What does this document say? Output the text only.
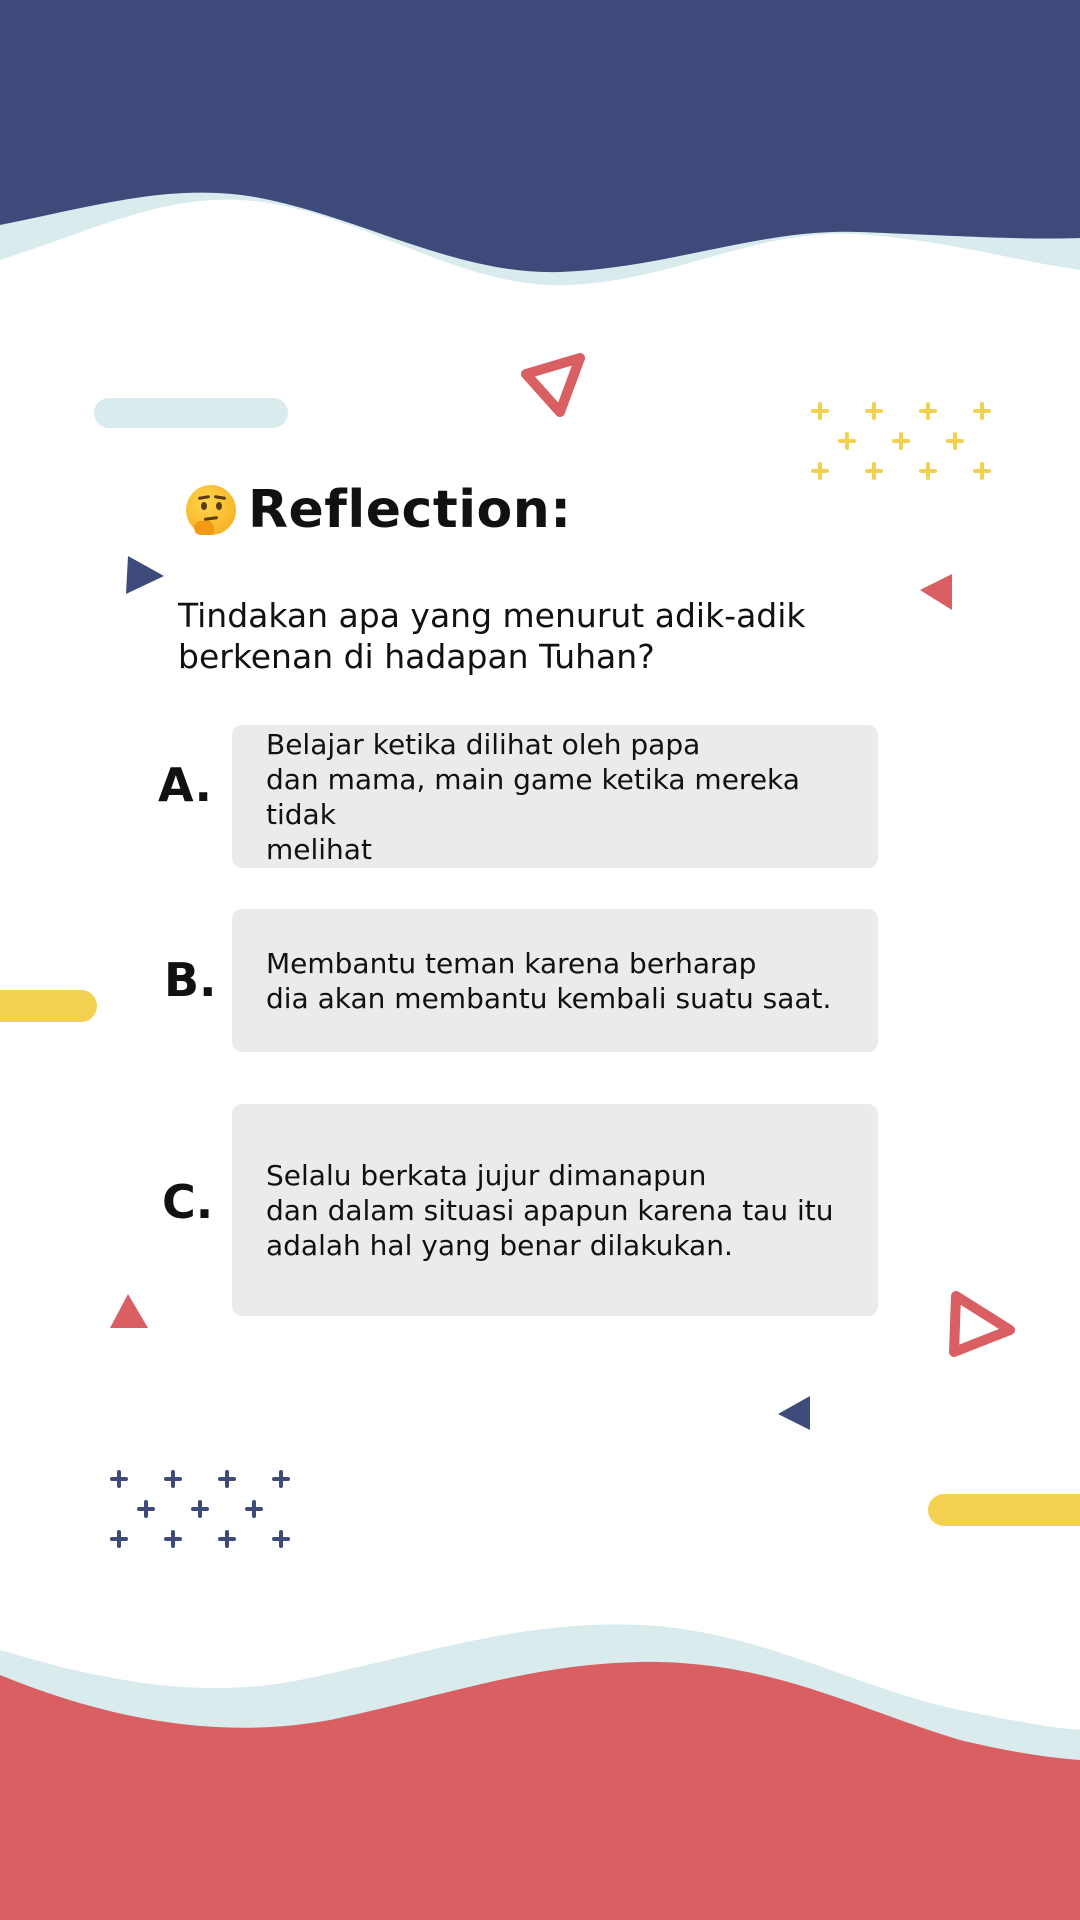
Reflection:
Tindakan apa yang menurut adik-adik berkenan di hadapan Tuhan?
A.
Belajar ketika dilihat oleh papa
dan mama, main game ketika mereka tidak
melihat
B. Membantu teman karena berharap
dia akan membantu kembali suatu saat.
C. Selalu berkata jujur dimanapun
dan dalam situasi apapun karena tau itu
adalah hal yang benar dilakukan.
